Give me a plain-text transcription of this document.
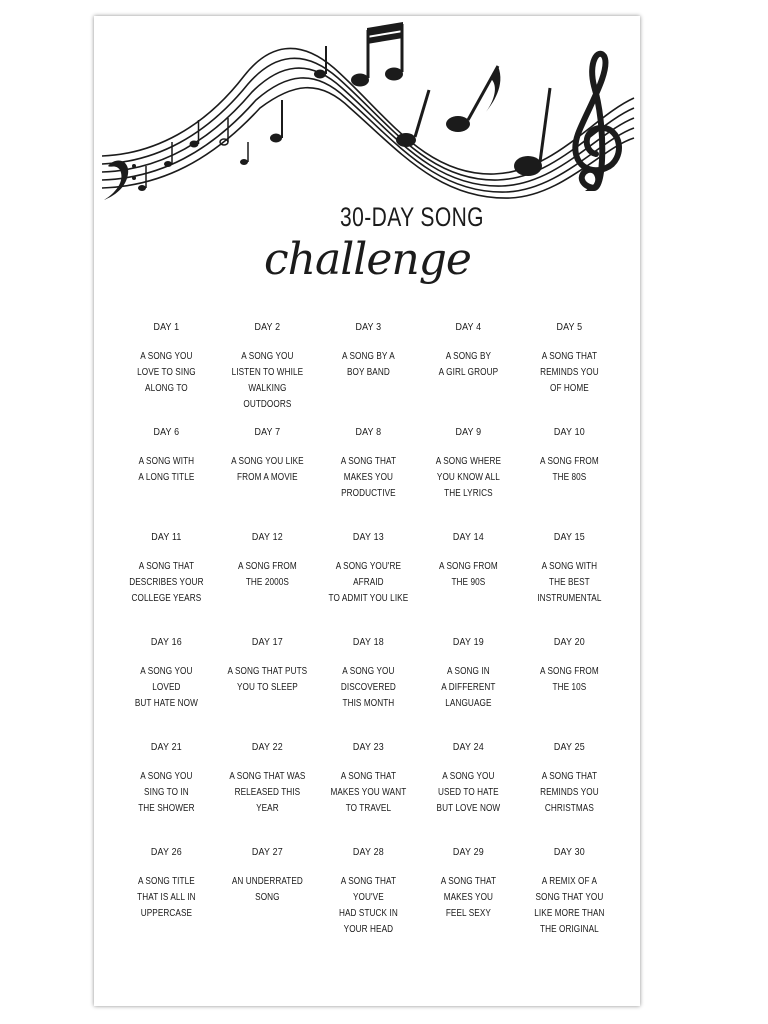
30-DAY SONG
challenge
DAY 1
A SONG YOU
LOVE TO SING
ALONG TO
DAY 2
A SONG YOU
LISTEN TO WHILE
WALKING OUTDOORS
DAY 3
A SONG BY A
BOY BAND
DAY 4
A SONG BY
A GIRL GROUP
DAY 5
A SONG THAT
REMINDS YOU
OF HOME
DAY 6
A SONG WITH
A LONG TITLE
DAY 7
A SONG YOU LIKE
FROM A MOVIE
DAY 8
A SONG THAT
MAKES YOU
PRODUCTIVE
DAY 9
A SONG WHERE
YOU KNOW ALL
THE LYRICS
DAY 10
A SONG FROM
THE 80S
DAY 11
A SONG THAT
DESCRIBES YOUR
COLLEGE YEARS
DAY 12
A SONG FROM
THE 2000S
DAY 13
A SONG YOU'RE AFRAID
TO ADMIT YOU LIKE
DAY 14
A SONG FROM
THE 90S
DAY 15
A SONG WITH
THE BEST
INSTRUMENTAL
DAY 16
A SONG YOU LOVED
BUT HATE NOW
DAY 17
A SONG THAT PUTS
YOU TO SLEEP
DAY 18
A SONG YOU
DISCOVERED
THIS MONTH
DAY 19
A SONG IN
A DIFFERENT
LANGUAGE
DAY 20
A SONG FROM
THE 10S
DAY 21
A SONG YOU
SING TO IN
THE SHOWER
DAY 22
A SONG THAT WAS
RELEASED THIS YEAR
DAY 23
A SONG THAT
MAKES YOU WANT
TO TRAVEL
DAY 24
A SONG YOU
USED TO HATE
BUT LOVE NOW
DAY 25
A SONG THAT
REMINDS YOU
CHRISTMAS
DAY 26
A SONG TITLE
THAT IS ALL IN
UPPERCASE
DAY 27
AN UNDERRATED
SONG
DAY 28
A SONG THAT YOU'VE
HAD STUCK IN
YOUR HEAD
DAY 29
A SONG THAT
MAKES YOU
FEEL SEXY
DAY 30
A REMIX OF A
SONG THAT YOU
LIKE MORE THAN
THE ORIGINAL
